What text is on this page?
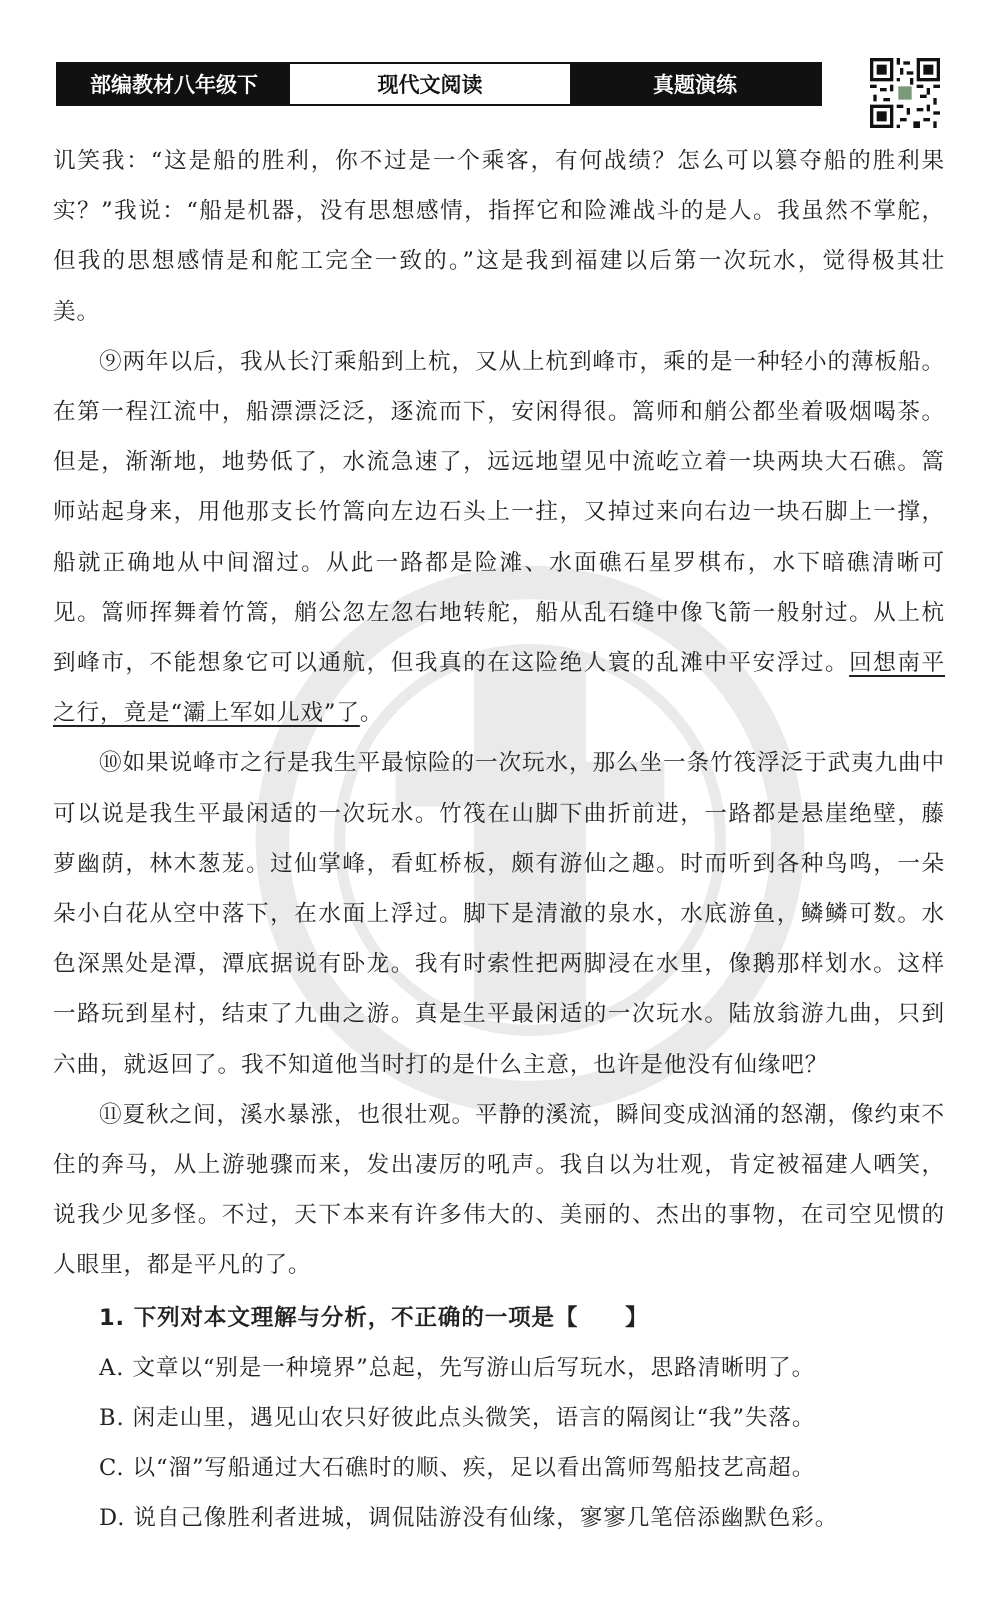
部编教材八年级下	现代文阅读	真题演练

讥笑我：“这是船的胜利，你不过是一个乘客，有何战绩？怎么可以篡夺船的胜利果实？”我说：“船是机器，没有思想感情，指挥它和险滩战斗的是人。我虽然不掌舵，但我的思想感情是和舵工完全一致的。”这是我到福建以后第一次玩水，觉得极其壮美。

⑨两年以后，我从长汀乘船到上杭，又从上杭到峰市，乘的是一种轻小的薄板船。在第一程江流中，船漂漂泛泛，逐流而下，安闲得很。篙师和艄公都坐着吸烟喝茶。但是，渐渐地，地势低了，水流急速了，远远地望见中流屹立着一块两块大石礁。篙师站起身来，用他那支长竹篙向左边石头上一拄，又掉过来向右边一块石脚上一撑，船就正确地从中间溜过。从此一路都是险滩、水面礁石星罗棋布，水下暗礁清晰可见。篙师挥舞着竹篙，艄公忽左忽右地转舵，船从乱石缝中像飞箭一般射过。从上杭到峰市，不能想象它可以通航，但我真的在这险绝人寰的乱滩中平安浮过。回想南平之行，竟是“灞上军如儿戏”了。

⑩如果说峰市之行是我生平最惊险的一次玩水，那么坐一条竹筏浮泛于武夷九曲中可以说是我生平最闲适的一次玩水。竹筏在山脚下曲折前进，一路都是悬崖绝壁，藤萝幽荫，林木葱茏。过仙掌峰，看虹桥板，颇有游仙之趣。时而听到各种鸟鸣，一朵朵小白花从空中落下，在水面上浮过。脚下是清澈的泉水，水底游鱼，鳞鳞可数。水色深黑处是潭，潭底据说有卧龙。我有时索性把两脚浸在水里，像鹅那样划水。这样一路玩到星村，结束了九曲之游。真是生平最闲适的一次玩水。陆放翁游九曲，只到六曲，就返回了。我不知道他当时打的是什么主意，也许是他没有仙缘吧？

⑪夏秋之间，溪水暴涨，也很壮观。平静的溪流，瞬间变成汹涌的怒潮，像约束不住的奔马，从上游驰骤而来，发出凄厉的吼声。我自以为壮观，肯定被福建人哂笑，说我少见多怪。不过，天下本来有许多伟大的、美丽的、杰出的事物，在司空见惯的人眼里，都是平凡的了。

1. 下列对本文理解与分析，不正确的一项是【　　】
A. 文章以“别是一种境界”总起，先写游山后写玩水，思路清晰明了。
B. 闲走山里，遇见山农只好彼此点头微笑，语言的隔阂让“我”失落。
C. 以“溜”写船通过大石礁时的顺、疾，足以看出篙师驾船技艺高超。
D. 说自己像胜利者进城，调侃陆游没有仙缘，寥寥几笔倍添幽默色彩。
